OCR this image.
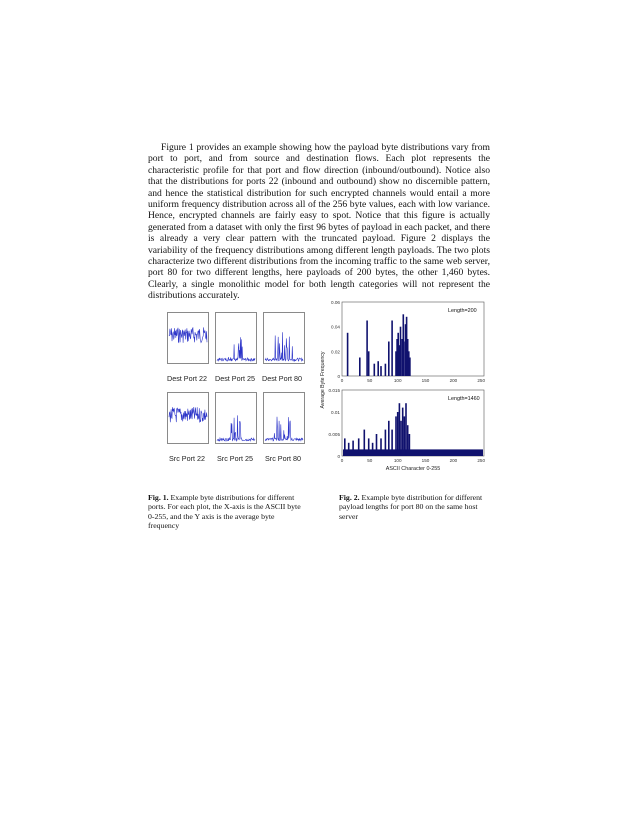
Figure 1 provides an example showing how the payload byte distributions vary from port to port, and from source and destination flows. Each plot represents the characteristic profile for that port and flow direction (inbound/outbound). Notice also that the distributions for ports 22 (inbound and outbound) show no discernible pattern, and hence the statistical distribution for such encrypted channels would entail a more uniform frequency distribution across all of the 256 byte values, each with low variance. Hence, encrypted channels are fairly easy to spot. Notice that this figure is actually generated from a dataset with only the first 96 bytes of payload in each packet, and there is already a very clear pattern with the truncated payload. Figure 2 displays the variability of the frequency distributions among different length payloads. The two plots characterize two different distributions from the incoming traffic to the same web server, port 80 for two different lengths, here payloads of 200 bytes, the other 1,460 bytes. Clearly, a single monolithic model for both length categories will not represent the distributions accurately.

Dest Port 22 Dest Port 25 Dest Port 80
Src Port 22 Src Port 25 Src Port 80
0.06
0.04
0.02
0
0	50	100	150	200	250
Length=200
Average Byte Frequency 0.015
0.01
0.005
0
0	50	100	150	200	250
Length=1460
ASCII Character 0-255

Fig. 1. Example byte distributions for different ports. For each plot, the X-axis is the ASCII byte 0-255, and the Y axis is the average byte frequency

Fig. 2. Example byte distribution for different payload lengths for port 80 on the same host server
